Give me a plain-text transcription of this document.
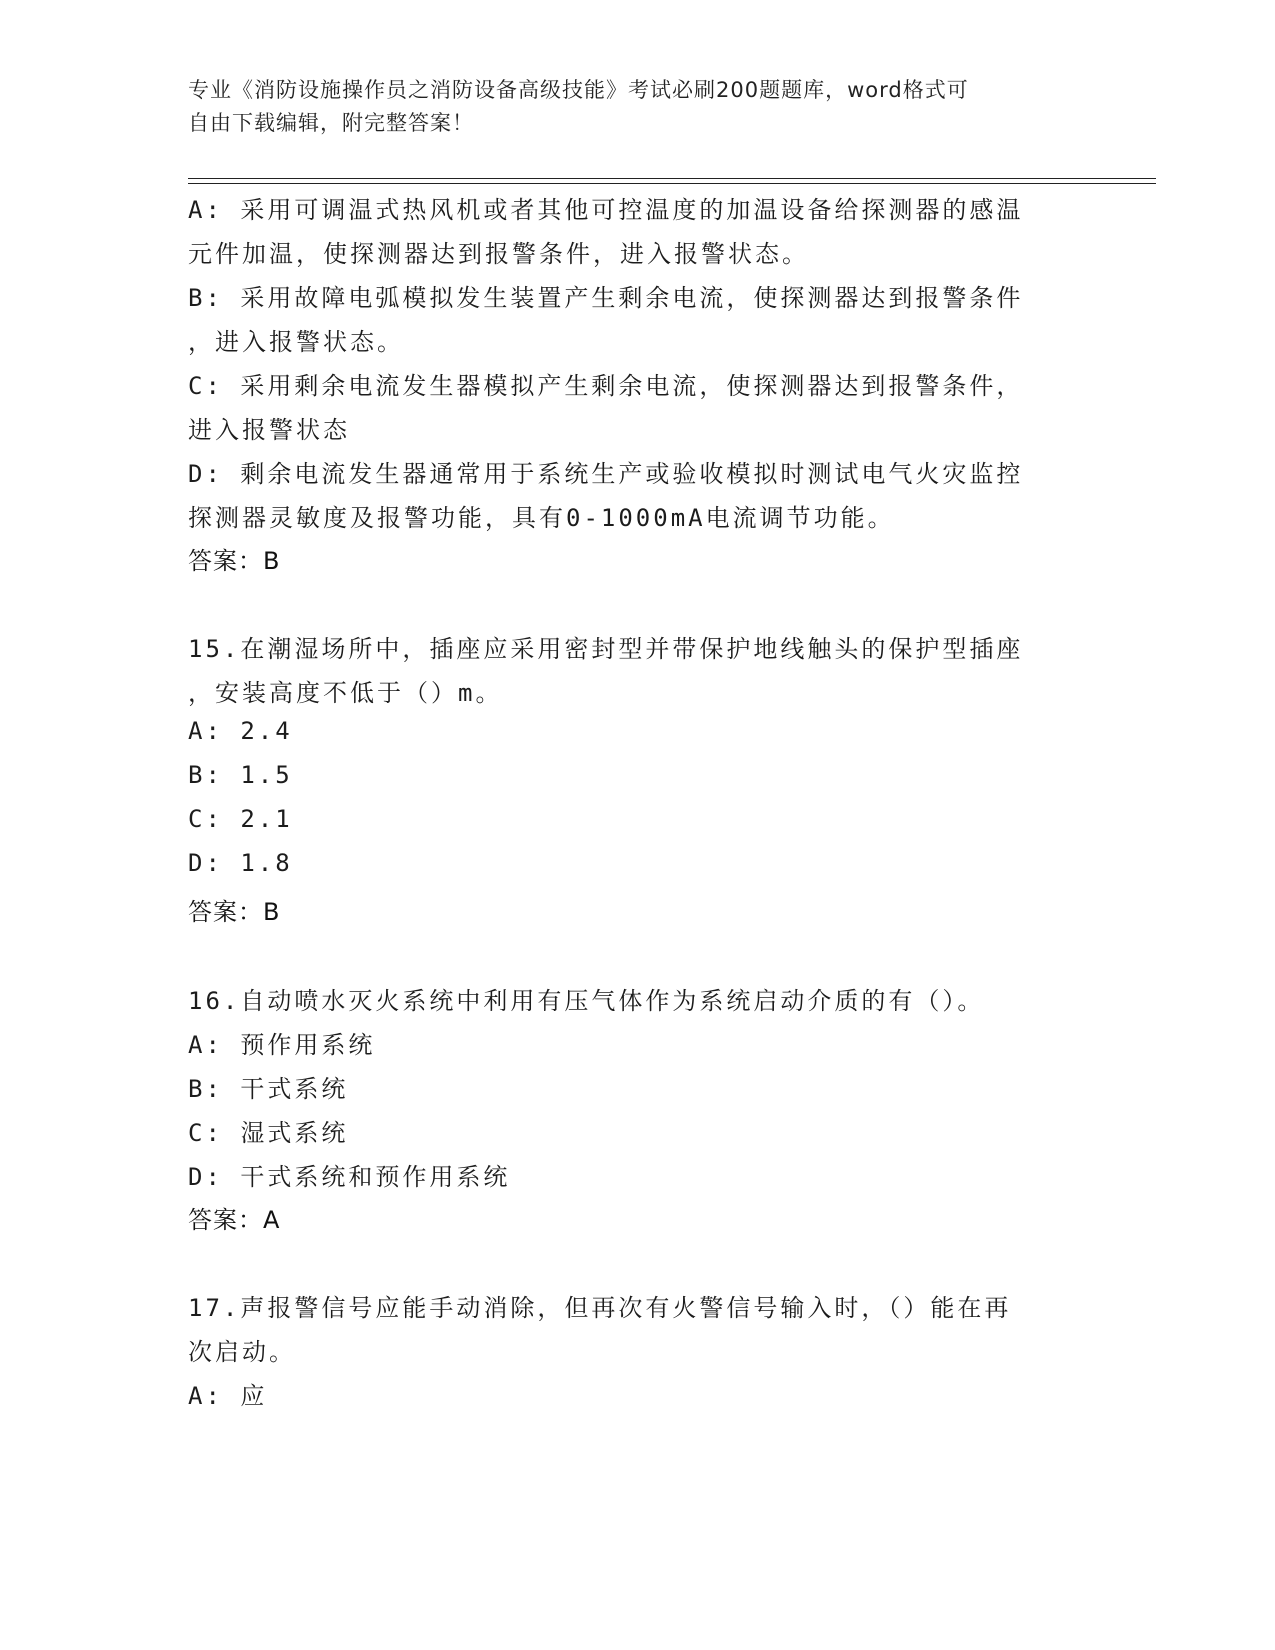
专业《消防设施操作员之消防设备高级技能》考试必刷200题题库，word格式可
自由下载编辑，附完整答案！
A: 采用可调温式热风机或者其他可控温度的加温设备给探测器的感温
元件加温，使探测器达到报警条件，进入报警状态。
B: 采用故障电弧模拟发生装置产生剩余电流，使探测器达到报警条件
，进入报警状态。
C: 采用剩余电流发生器模拟产生剩余电流，使探测器达到报警条件，
进入报警状态
D: 剩余电流发生器通常用于系统生产或验收模拟时测试电气火灾监控
探测器灵敏度及报警功能，具有0-1000mA电流调节功能。
答案：B
15.在潮湿场所中，插座应采用密封型并带保护地线触头的保护型插座
，安装高度不低于（）m。
A: 2.4
B: 1.5
C: 2.1
D: 1.8
答案：B
16.自动喷水灭火系统中利用有压气体作为系统启动介质的有（）。
A: 预作用系统
B: 干式系统
C: 湿式系统
D: 干式系统和预作用系统
答案：A
17.声报警信号应能手动消除，但再次有火警信号输入时，（）能在再
次启动。
A: 应
